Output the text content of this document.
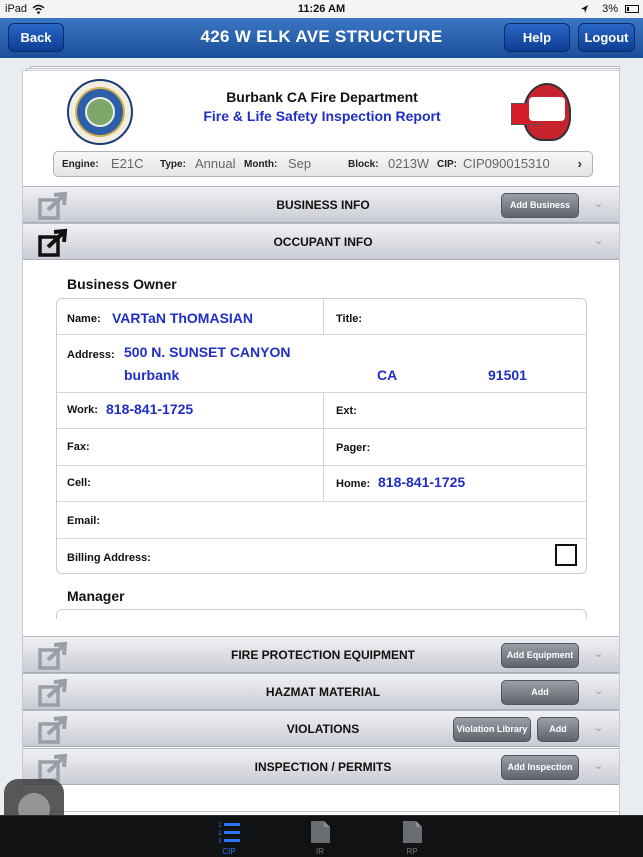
iPad	11:26 AM	3%
Back	426 W ELK AVE STRUCTURE	Help	Logout
Burbank CA Fire Department
Fire & Life Safety Inspection Report
Engine: E21C Type: Annual Month: Sep	Block: 0213W CIP: CIP090015310 ›
BUSINESS INFO	Add Business	⌄
OCCUPANT INFO	⌄
Business Owner
Name: VARTaN ThOMASIAN	Title:
Address: 500 N. SUNSET CANYON
burbank	CA	91501
Work: 818-841-1725	Ext:
Fax:	Pager:
Cell:	Home: 818-841-1725
Email:
Billing Address:
Manager
FIRE PROTECTION EQUIPMENT	Add Equipment	⌄
HAZMAT MATERIAL	Add	⌄
VIOLATIONS	Violation Library	Add	⌄
INSPECTION / PERMITS	Add Inspection	⌄
1
2
3
CIP	IR	RP
